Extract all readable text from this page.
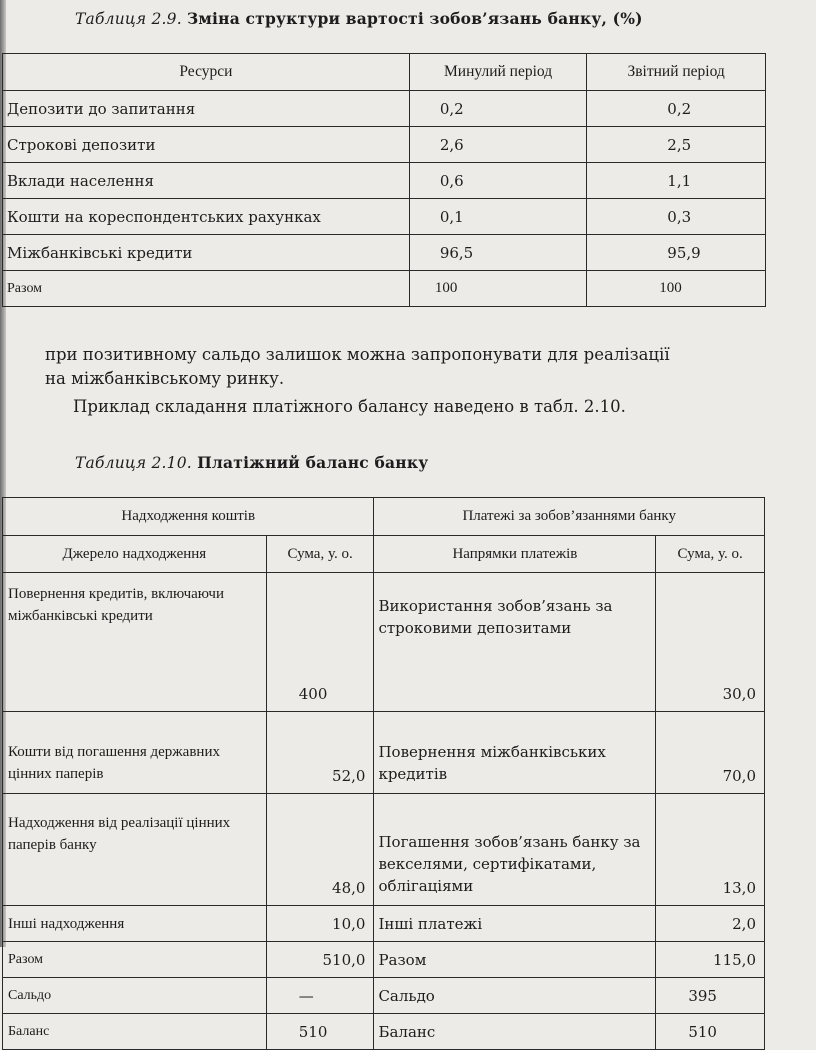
Таблиця 2.9. Зміна структури вартості зобов’язань банку, (%)
Ресурси	Минулий період	Звітний період
Депозити до запитання	0,2	0,2
Строкові депозити	2,6	2,5
Вклади населення	0,6	1,1
Кошти на кореспондентських рахунках	0,1	0,3
Міжбанківські кредити	96,5	95,9
Разом	100	100
при позитивному сальдо залишок можна запропонувати для реалізації
на міжбанківському ринку.
Приклад складання платіжного балансу наведено в табл. 2.10.
Таблиця 2.10. Платіжний баланс банку
Надходження коштів		Платежі за зобов’язаннями банку	
Джерело надходження	Сума, у. о.	Напрямки платежів	Сума, у. о.
Повернення кредитів, включаючи міжбанківські кредити	400	Використання зобов’язань за строковими депозитами	30,0
Кошти від погашення державних цінних паперів	52,0	Повернення міжбанківських кредитів	70,0
Надходження від реалізації цінних паперів банку	48,0	Погашення зобов’язань банку за векселями, сертифікатами, облігаціями	13,0
Інші надходження	10,0	Інші платежі	2,0
Разом	510,0	Разом	115,0
Сальдо	—	Сальдо	395
Баланс	510	Баланс	510
